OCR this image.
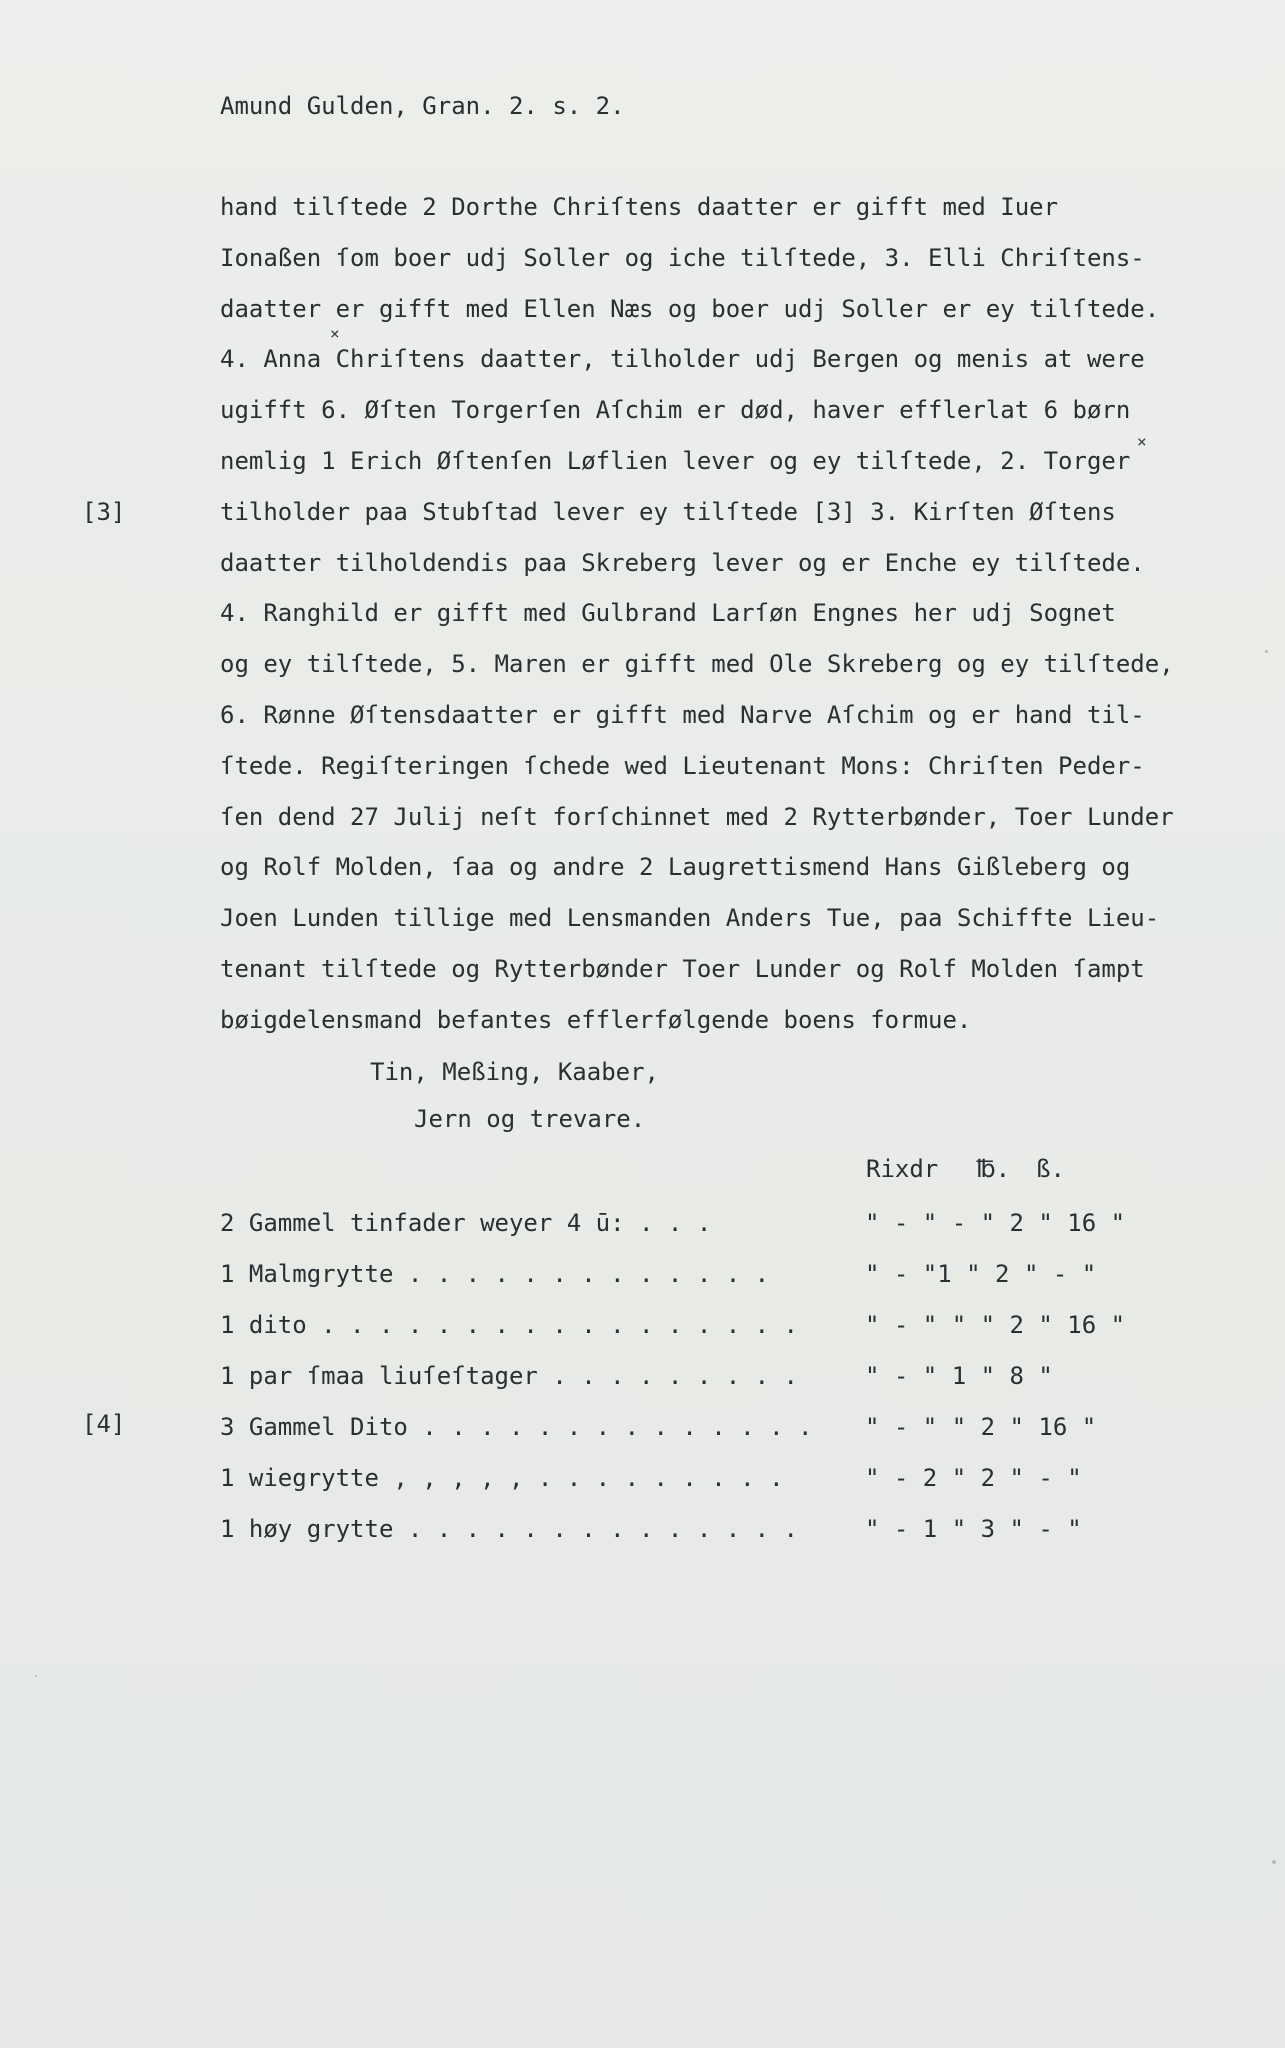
Amund Gulden, Gran. 2. s. 2.
hand tilſtede 2 Dorthe Chriſtens daatter er gifft med Iuer
Ionaßen ſom boer udj Soller og iche tilſtede, 3. Elli Chriſtens-
daatter er gifft med Ellen Næs og boer udj Soller er ey tilſtede.
4. Anna Chriſtens daatter, tilholder udj Bergen og menis at were
ugifft 6. Øſten Torgerſen Aſchim er død, haver efflerlat 6 børn
nemlig 1 Erich Øſtenſen Løflien lever og ey tilſtede, 2. Torger
tilholder paa Stubſtad lever ey tilſtede [3] 3. Kirſten Øſtens
daatter tilholdendis paa Skreberg lever og er Enche ey tilſtede.
4. Ranghild er gifft med Gulbrand Larſøn Engnes her udj Sognet
og ey tilſtede, 5. Maren er gifft med Ole Skreberg og ey tilſtede,
6. Rønne Øſtensdaatter er gifft med Narve Aſchim og er hand til-
ſtede. Regiſteringen ſchede wed Lieutenant Mons: Chriſten Peder-
ſen dend 27 Julij neſt forſchinnet med 2 Rytterbønder, Toer Lunder
og Rolf Molden, ſaa og andre 2 Laugrettismend Hans Gißleberg og
Joen Lunden tillige med Lensmanden Anders Tue, paa Schiffte Lieu-
tenant tilſtede og Rytterbønder Toer Lunder og Rolf Molden ſampt
bøigdelensmand befantes efflerfølgende boens formue.
×
×
[3]
[4]
Tin, Meßing, Kaaber,
Jern og trevare.
Rixdr ℔. ß.
2 Gammel tinfader weyer 4 ū: . . .	" - " - " 2 " 16 "
1 Malmgrytte . . . . . . . . . . . . .	" - "1 " 2 " - "
1 dito . . . . . . . . . . . . . . . . .	" - " " " 2 " 16 "
1 par ſmaa liuſeſtager . . . . . . . . .	" - " 1 " 8 "
3 Gammel Dito . . . . . . . . . . . . . . " - " " 2 " 16 "
1 wiegrytte , , , , , . . . . . . . . .	" - 2 " 2 " - "
1 høy grytte . . . . . . . . . . . . . .	" - 1 " 3 " - "
